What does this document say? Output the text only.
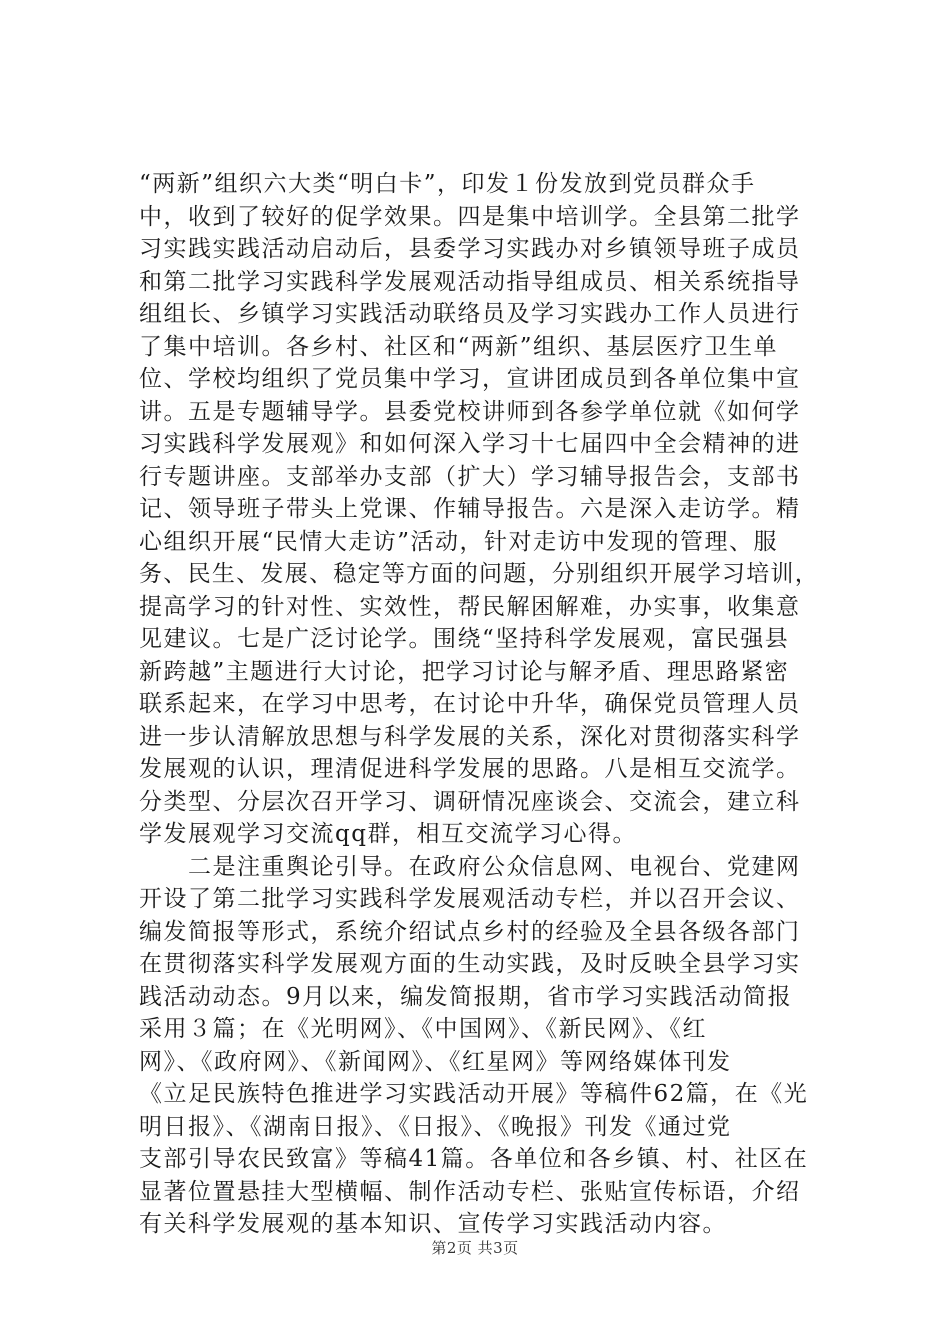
“两新”组织六大类“明白卡”，印发１份发放到党员群众手
中，收到了较好的促学效果。四是集中培训学。全县第二批学
习实践实践活动启动后，县委学习实践办对乡镇领导班子成员
和第二批学习实践科学发展观活动指导组成员、相关系统指导
组组长、乡镇学习实践活动联络员及学习实践办工作人员进行
了集中培训。各乡村、社区和“两新”组织、基层医疗卫生单
位、学校均组织了党员集中学习，宣讲团成员到各单位集中宣
讲。五是专题辅导学。县委党校讲师到各参学单位就《如何学
习实践科学发展观》和如何深入学习十七届四中全会精神的进
行专题讲座。支部举办支部（扩大）学习辅导报告会，支部书
记、领导班子带头上党课、作辅导报告。六是深入走访学。精
心组织开展“民情大走访”活动，针对走访中发现的管理、服
务、民生、发展、稳定等方面的问题，分别组织开展学习培训，
提高学习的针对性、实效性，帮民解困解难，办实事，收集意
见建议。七是广泛讨论学。围绕“坚持科学发展观，富民强县
新跨越”主题进行大讨论，把学习讨论与解矛盾、理思路紧密
联系起来，在学习中思考，在讨论中升华，确保党员管理人员
进一步认清解放思想与科学发展的关系，深化对贯彻落实科学
发展观的认识，理清促进科学发展的思路。八是相互交流学。
分类型、分层次召开学习、调研情况座谈会、交流会，建立科
学发展观学习交流qq群，相互交流学习心得。
　　二是注重舆论引导。在政府公众信息网、电视台、党建网
开设了第二批学习实践科学发展观活动专栏，并以召开会议、
编发简报等形式，系统介绍试点乡村的经验及全县各级各部门
在贯彻落实科学发展观方面的生动实践，及时反映全县学习实
践活动动态。9月以来，编发简报期，省市学习实践活动简报
采用３篇；在《光明网》、《中国网》、《新民网》、《红
网》、《政府网》、《新闻网》、《红星网》等网络媒体刊发
《立足民族特色推进学习实践活动开展》等稿件62篇，在《光
明日报》、《湖南日报》、《日报》、《晚报》刊发《通过党
支部引导农民致富》等稿41篇。各单位和各乡镇、村、社区在
显著位置悬挂大型横幅、制作活动专栏、张贴宣传标语，介绍
有关科学发展观的基本知识、宣传学习实践活动内容。
第2页 共3页
